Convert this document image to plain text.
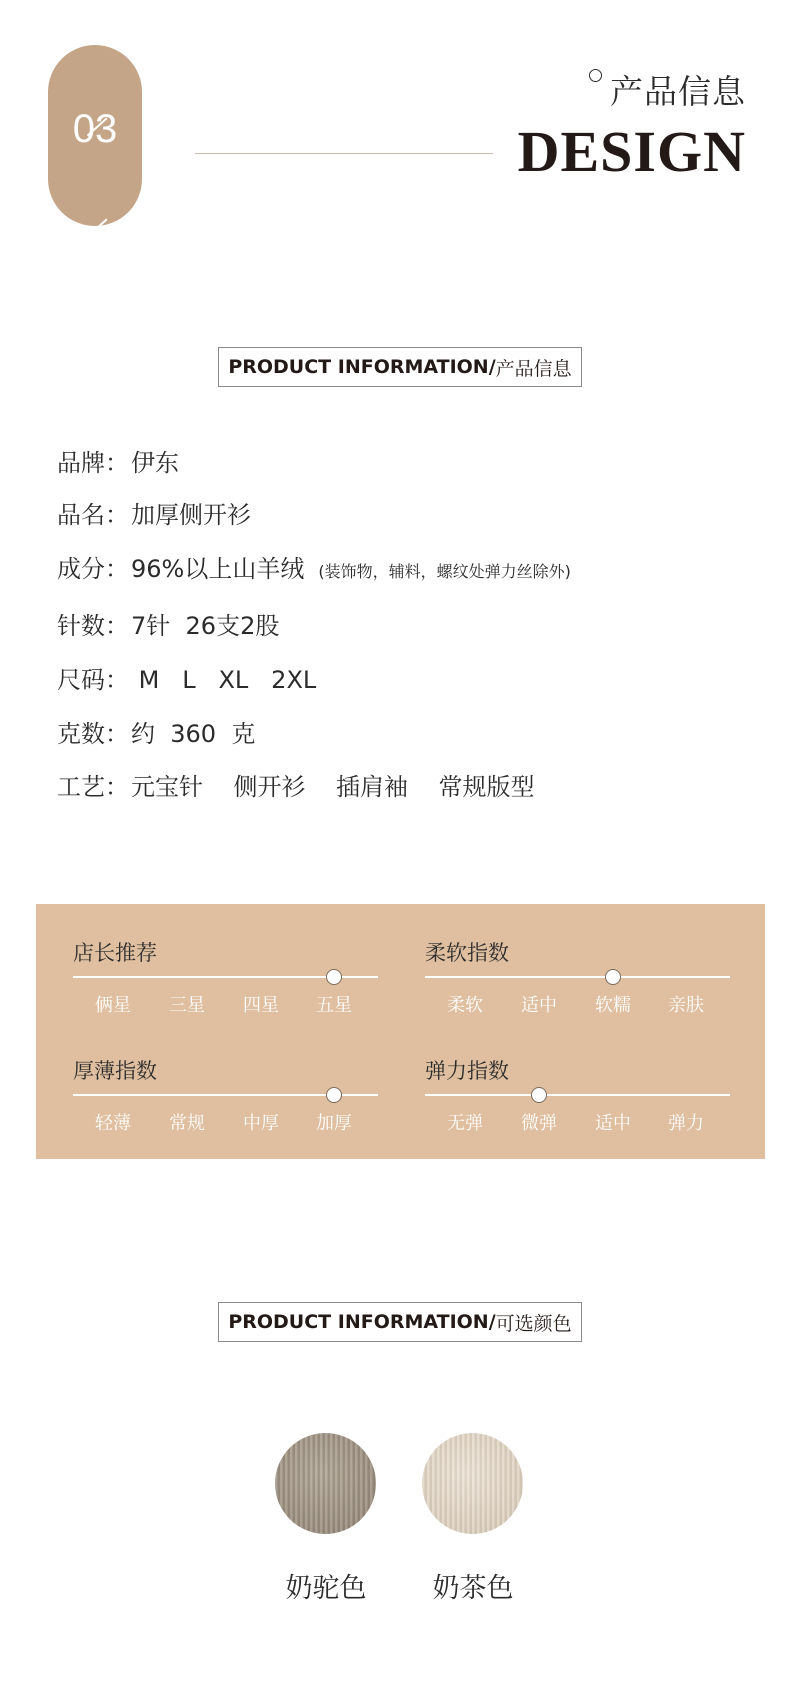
03
产品信息
DESIGN
PRODUCT INFORMATION/ 产品信息
品牌：伊东
品名：加厚侧开衫
成分：96%以上山羊绒 (装饰物，辅料，螺纹处弹力丝除外)
针数：7针  26支2股
尺码： M   L   XL   2XL
克数：约  360  克
工艺：元宝针    侧开衫    插肩袖    常规版型
店长推荐
俩星	三星	四星	五星
柔软指数
柔软	适中	软糯	亲肤
厚薄指数
轻薄	常规	中厚	加厚
弹力指数
无弹	微弹	适中	弹力
PRODUCT INFORMATION/ 可选颜色
奶驼色	奶茶色
